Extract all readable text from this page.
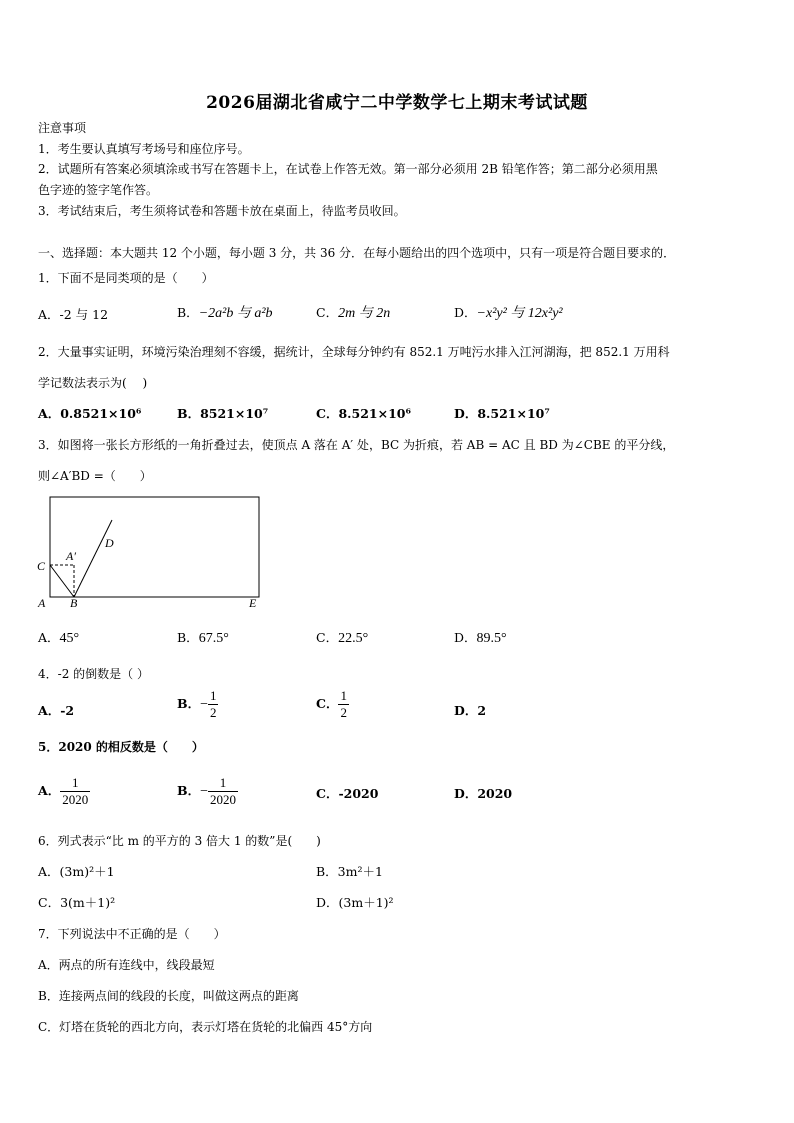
2026届湖北省咸宁二中学数学七上期末考试试题
注意事项
1．考生要认真填写考场号和座位序号。
2．试题所有答案必须填涂或书写在答题卡上，在试卷上作答无效。第一部分必须用 2B 铅笔作答；第二部分必须用黑
色字迹的签字笔作答。
3．考试结束后，考生须将试卷和答题卡放在桌面上，待监考员收回。
一、选择题：本大题共 12 个小题，每小题 3 分，共 36 分．在每小题给出的四个选项中，只有一项是符合题目要求的．
1．下面不是同类项的是（　　）
A．-2 与 12	B．−2a²b 与 a²b	C．2m 与 2n	D．−x²y² 与 12x²y²
2．大量事实证明，环境污染治理刻不容缓，据统计，全球每分钟约有 852.1 万吨污水排入江河湖海，把 852.1 万用科
学记数法表示为(　 )
A．0.8521×10⁶	B．8521×10⁷	C．8.521×10⁶	D．8.521×10⁷
3．如图将一张长方形纸的一角折叠过去，使顶点 A 落在 A′ 处，BC 为折痕，若 AB = AC 且 BD 为∠CBE 的平分线，
则∠A′BD =（　　）
A B
C
D
E
A′
A．45°	B．67.5°	C．22.5°	D．89.5°
4．-2 的倒数是（ ）
A．-2	B．− $\frac{1}{2}$	C． $\frac{1}{2}$	D．2
5．2020 的相反数是（　　）
A． $\frac{1}{2020}$	B．− $\frac{1}{2020}$	C．-2020	D．2020
6．列式表示“比 m 的平方的 3 倍大 1 的数”是(　　)
A．(3m)²＋1	B．3m²＋1
C．3(m＋1)²	D．(3m＋1)²
7．下列说法中不正确的是（　　）
A．两点的所有连线中，线段最短
B．连接两点间的线段的长度，叫做这两点的距离
C．灯塔在货轮的西北方向，表示灯塔在货轮的北偏西 45°方向
